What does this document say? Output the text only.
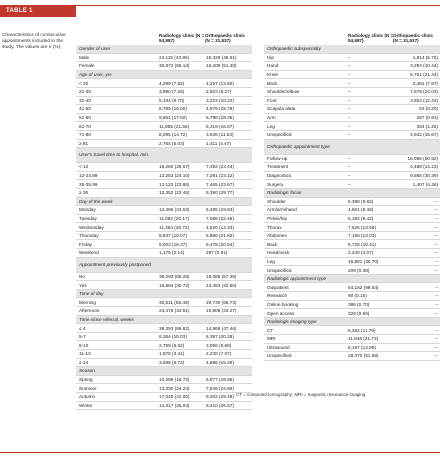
TABLE 1
Characteristics of consecutive appointments included in the study. The values are n (%).
Radiology clinic (N = 54,987)
Orthopaedic clinic (N = 31,537)
Radiology clinic (N = 54,987)
Orthopaedic clinic (N = 31,537)
Gender of user
Male	24,115 (43.86)	15,329 (48.61)
Female	30,872 (56.14)	16,209 (51.40)
Age of user, yrs
< 20	4,299 (7.82)	4,257 (13.50)
21-30	3,990 (7.26)	2,923 (9.27)
31-40	5,334 (9.70)	3,223 (10.22)
41-50	8,799 (16.00)	4,979 (15.79)
51-60	9,851 (17.92)	5,790 (18.36)
61-70	11,855 (21.56)	5,319 (16.87)
71-80	8,095 (14.72)	3,636 (11.53)
≥ 81	2,764 (5.03)	1,411 (4.47)
User's travel time to hospital, min.
< 12	16,260 (29.57)	7,392 (23.44)
12-24.99	13,253 (24.10)	7,291 (23.12)
25-35.99	13,122 (23.86)	7,465 (23.67)
≥ 36	12,352 (22.46)	9,390 (29.77)
Day of the week
Monday	13,486 (24.53)	6,285 (19.93)
Tuesday	11,092 (20.17)	7,088 (22.48)
Wednesday	11,394 (20.72)	4,520 (14.33)
Thursday	8,837 (16.07)	6,880 (21.82)
Friday	9,003 (16.37)	6,478 (20.54)
Weekend	1,175 (2.14)	287 (0.91)
Appointment previously postponed
No	38,093 (69.28)	18,085 (57.35)
Yes	16,894 (30.72)	13,453 (42.66)
Time of day
Morning	30,511 (55.49)	20,730 (65.73)
Afternoon	24,476 (44.51)	10,808 (34.27)
Time since referral, weeks
≤ 4	38,393 (69.82)	14,969 (47.46)
5-7	8,264 (15.03)	6,397 (20.28)
8-10	2,759 (5.02)	3,056 (9.69)
11-13	1,875 (3.41)	2,230 (7.07)
≥ 14	3,696 (6.72)	4,886 (15.49)
Season
Spring	10,295 (18.72)	5,977 (18.95)
Summer	13,330 (24.24)	7,849 (24.89)
Autumn	17,045 (31.00)	9,302 (29.49)
Winter	14,317 (26.04)	8,410 (26.67)
Orthopaedic subspeciality
Hip	–	1,814 (5.75)
Hand	–	3,294 (10.44)
Knee	–	6,761 (21.44)
Back	–	2,481 (7.87)
Shoulder/elbow	–	7,578 (24.03)
Foot	–	3,924 (12.44)
Scapula alata	–	63 (0.20)
Arm	–	287 (0.91)
Leg	–	394 (1.25)
Unspecified	–	4,942 (15.67)
Orthopaedic appointment type
Follow-up	–	16,058 (50.92)
Treatment	–	4,488 (14.23)
Diagnostics	–	9,585 (30.39)
Surgery	–	1,407 (4.46)
Radiologic focus
Shoulder	5,398 (9.82)	–
Arm/arm/hand	4,661 (8.48)	–
Pelvis/hip	5,182 (9.42)	–
Thorax	7,525 (13.69)	–
Abdomen	7,166 (13.03)	–
Back	5,725 (10.41)	–
Head/neck	2,240 (4.07)	–
Leg	16,881 (30.70)	–
Unspecified	209 (0.38)	–
Radiologic appointment type
Outpatient	54,182 (98.54)	–
Research	90 (0.16)	–
Online booking	386 (0.70)	–
Open access	329 (0.60)	–
Radiologic imaging type
CT	6,482 (11.79)	–
MRI	11,948 (21.73)	–
Ultrasound	8,187 (14.89)	–
Unspecified	28,370 (51.59)	–
CT = computed tomography; MRI = magnetic resonance imaging.
